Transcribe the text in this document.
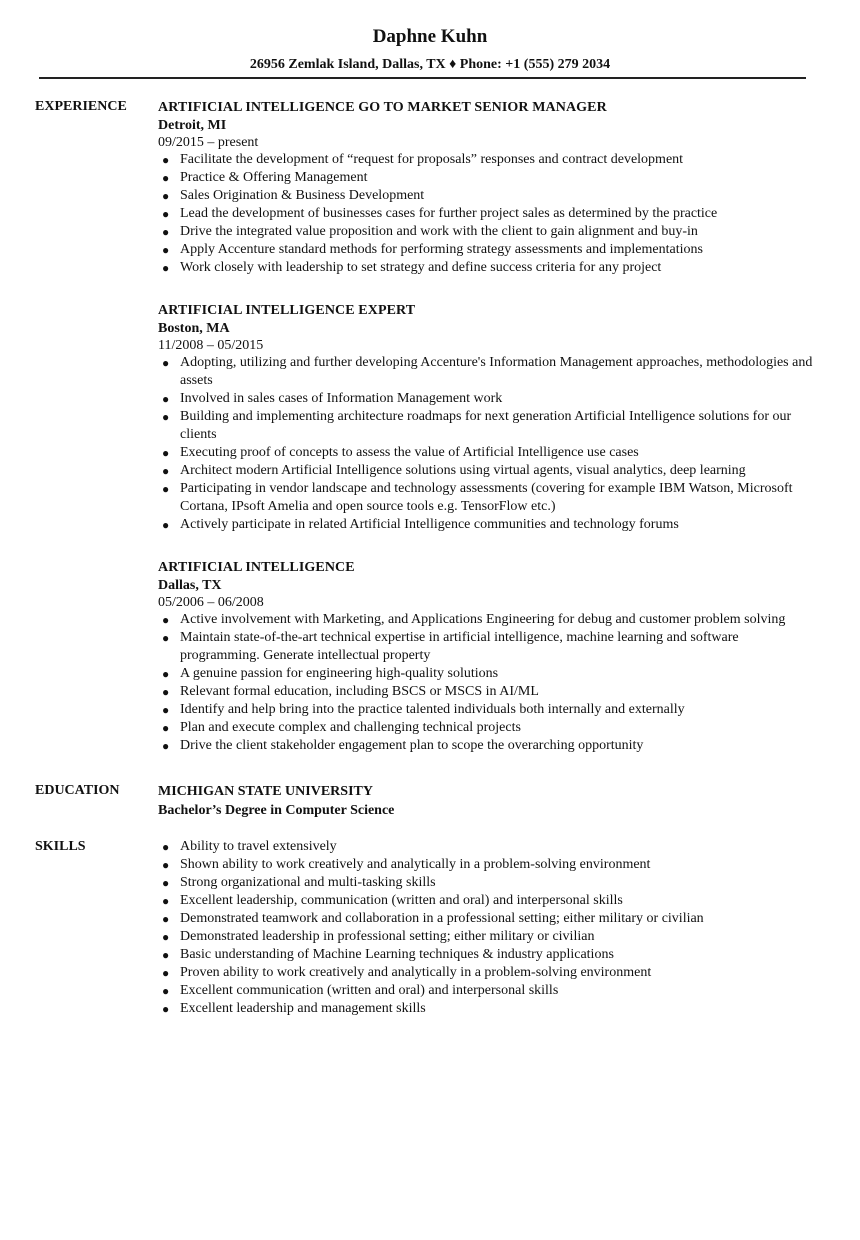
Daphne Kuhn
26956 Zemlak Island, Dallas, TX ♦ Phone: +1 (555) 279 2034
EXPERIENCE	ARTIFICIAL INTELLIGENCE GO TO MARKET SENIOR MANAGER
Detroit, MI
09/2015 – present
● Facilitate the development of “request for proposals” responses and contract development
● Practice & Offering Management
● Sales Origination & Business Development
● Lead the development of businesses cases for further project sales as determined by the practice
● Drive the integrated value proposition and work with the client to gain alignment and buy-in
● Apply Accenture standard methods for performing strategy assessments and implementations
● Work closely with leadership to set strategy and define success criteria for any project
ARTIFICIAL INTELLIGENCE EXPERT
Boston, MA
11/2008 – 05/2015
● Adopting, utilizing and further developing Accenture's Information Management approaches, methodologies and assets
● Involved in sales cases of Information Management work
● Building and implementing architecture roadmaps for next generation Artificial Intelligence solutions for our clients
● Executing proof of concepts to assess the value of Artificial Intelligence use cases
● Architect modern Artificial Intelligence solutions using virtual agents, visual analytics, deep learning
● Participating in vendor landscape and technology assessments (covering for example IBM Watson, Microsoft Cortana, IPsoft Amelia and open source tools e.g. TensorFlow etc.)
● Actively participate in related Artificial Intelligence communities and technology forums
ARTIFICIAL INTELLIGENCE
Dallas, TX
05/2006 – 06/2008
● Active involvement with Marketing, and Applications Engineering for debug and customer problem solving
● Maintain state-of-the-art technical expertise in artificial intelligence, machine learning and software programming. Generate intellectual property
● A genuine passion for engineering high-quality solutions
● Relevant formal education, including BSCS or MSCS in AI/ML
● Identify and help bring into the practice talented individuals both internally and externally
● Plan and execute complex and challenging technical projects
● Drive the client stakeholder engagement plan to scope the overarching opportunity
EDUCATION	MICHIGAN STATE UNIVERSITY
Bachelor’s Degree in Computer Science
SKILLS	● Ability to travel extensively
● Shown ability to work creatively and analytically in a problem-solving environment
● Strong organizational and multi-tasking skills
● Excellent leadership, communication (written and oral) and interpersonal skills
● Demonstrated teamwork and collaboration in a professional setting; either military or civilian
● Demonstrated leadership in professional setting; either military or civilian
● Basic understanding of Machine Learning techniques & industry applications
● Proven ability to work creatively and analytically in a problem-solving environment
● Excellent communication (written and oral) and interpersonal skills
● Excellent leadership and management skills
